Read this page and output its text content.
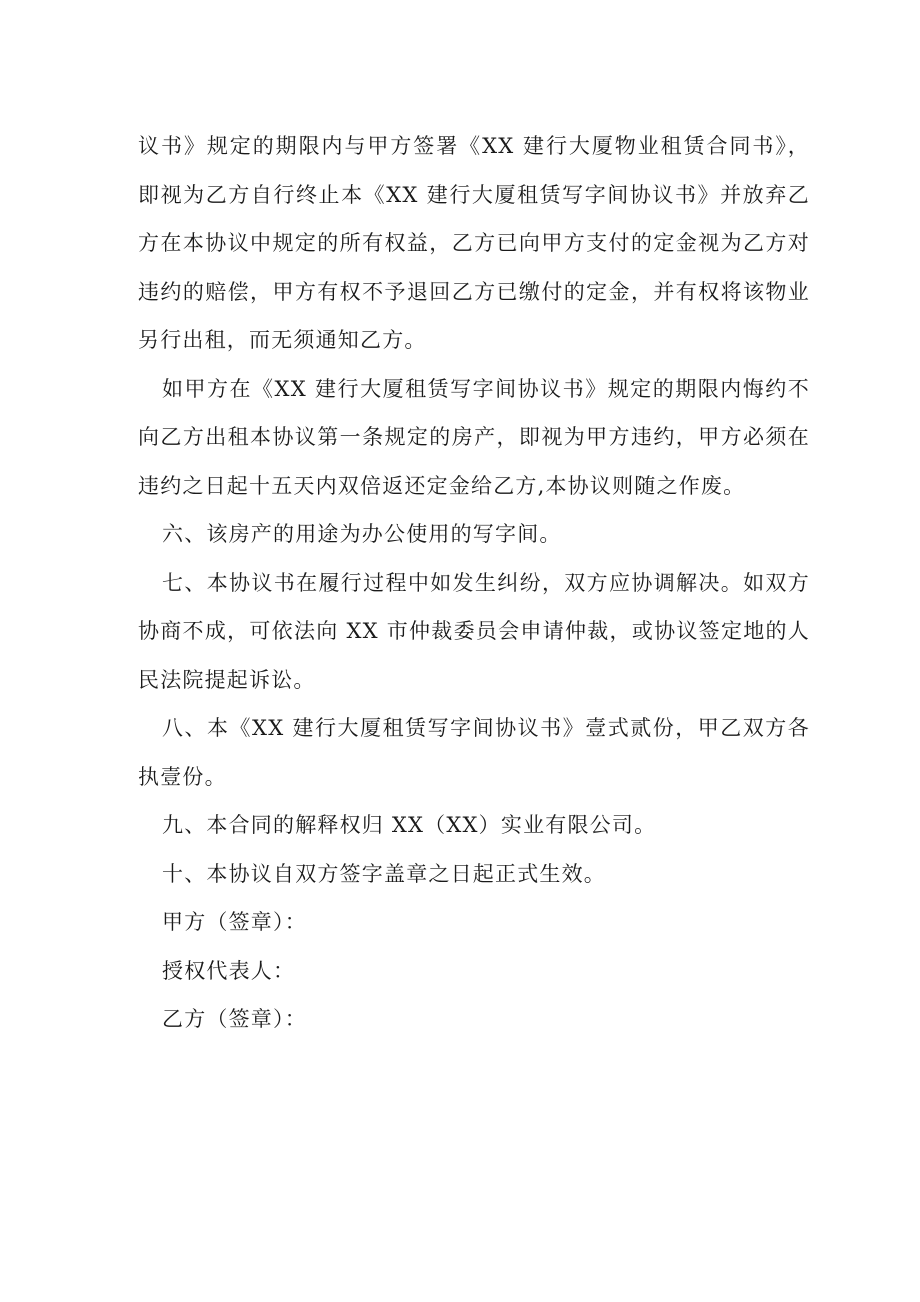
议书》规定的期限内与甲方签署《XX 建行大厦物业租赁合同书》，即视为乙方自行终止本《XX 建行大厦租赁写字间协议书》并放弃乙方在本协议中规定的所有权益，乙方已向甲方支付的定金视为乙方对违约的赔偿，甲方有权不予退回乙方已缴付的定金，并有权将该物业另行出租，而无须通知乙方。

如甲方在《XX 建行大厦租赁写字间协议书》规定的期限内悔约不向乙方出租本协议第一条规定的房产，即视为甲方违约，甲方必须在违约之日起十五天内双倍返还定金给乙方,本协议则随之作废。

六、该房产的用途为办公使用的写字间。

七、本协议书在履行过程中如发生纠纷，双方应协调解决。如双方协商不成，可依法向 XX 市仲裁委员会申请仲裁，或协议签定地的人民法院提起诉讼。

八、本《XX 建行大厦租赁写字间协议书》壹式贰份，甲乙双方各执壹份。

九、本合同的解释权归 XX（XX）实业有限公司。

十、本协议自双方签字盖章之日起正式生效。

甲方（签章）：

授权代表人：

乙方（签章）：
